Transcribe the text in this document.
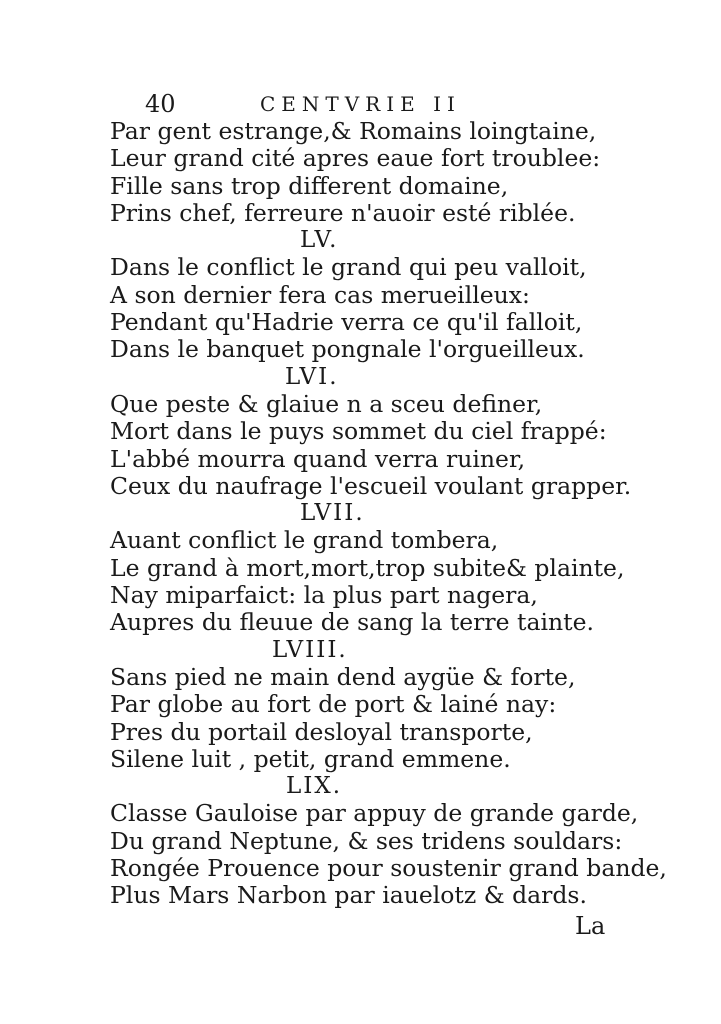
40	CENTVRIE II
Par gent estrange,& Romains loingtaine,
Leur grand cité apres eaue fort troublee:
Fille sans trop different domaine,
Prins chef, ferreure n'auoir esté riblée.
LV.
Dans le conflict le grand qui peu valloit,
A son dernier fera cas merueilleux:
Pendant qu'Hadrie verra ce qu'il falloit,
Dans le banquet pongnale l'orgueilleux.
LVI.
Que peste & glaiue n a sceu definer,
Mort dans le puys sommet du ciel frappé:
L'abbé mourra quand verra ruiner,
Ceux du naufrage l'escueil voulant grapper.
LVII.
Auant conflict le grand tombera,
Le grand à mort,mort,trop subite& plainte,
Nay miparfaict: la plus part nagera,
Aupres du fleuue de sang la terre tainte.
LVIII.
Sans pied ne main dend aygüe & forte,
Par globe au fort de port & lainé nay:
Pres du portail desloyal transporte,
Silene luit , petit, grand emmene.
LIX.
Classe Gauloise par appuy de grande garde,
Du grand Neptune, & ses tridens souldars:
Rongée Prouence pour soustenir grand bande,
Plus Mars Narbon par iauelotz & dards.
La
